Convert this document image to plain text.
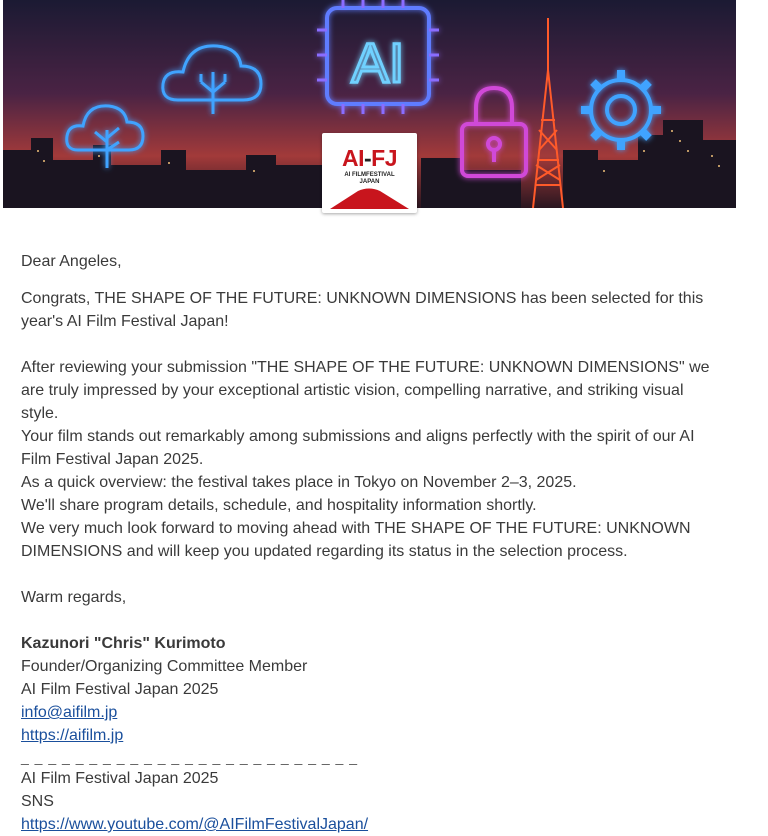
AI
AI-FJ
AI FILMFESTIVAL
JAPAN

Dear Angeles,

Congrats, THE SHAPE OF THE FUTURE: UNKNOWN DIMENSIONS has been selected for this
year's AI Film Festival Japan!

After reviewing your submission "THE SHAPE OF THE FUTURE: UNKNOWN DIMENSIONS" we
are truly impressed by your exceptional artistic vision, compelling narrative, and striking visual
style.

Your film stands out remarkably among submissions and aligns perfectly with the spirit of our AI
Film Festival Japan 2025.

As a quick overview: the festival takes place in Tokyo on November 2–3, 2025.

We'll share program details, schedule, and hospitality information shortly.

We very much look forward to moving ahead with THE SHAPE OF THE FUTURE: UNKNOWN
DIMENSIONS and will keep you updated regarding its status in the selection process.

Warm regards,

Kazunori "Chris" Kurimoto

Founder/Organizing Committee Member

AI Film Festival Japan 2025

info@aifilm.jp

https://aifilm.jp

_ _ _ _ _ _ _ _ _ _ _ _ _ _ _ _ _ _ _ _ _ _ _ _ _

AI Film Festival Japan 2025

SNS

https://www.youtube.com/@AIFilmFestivalJapan/
